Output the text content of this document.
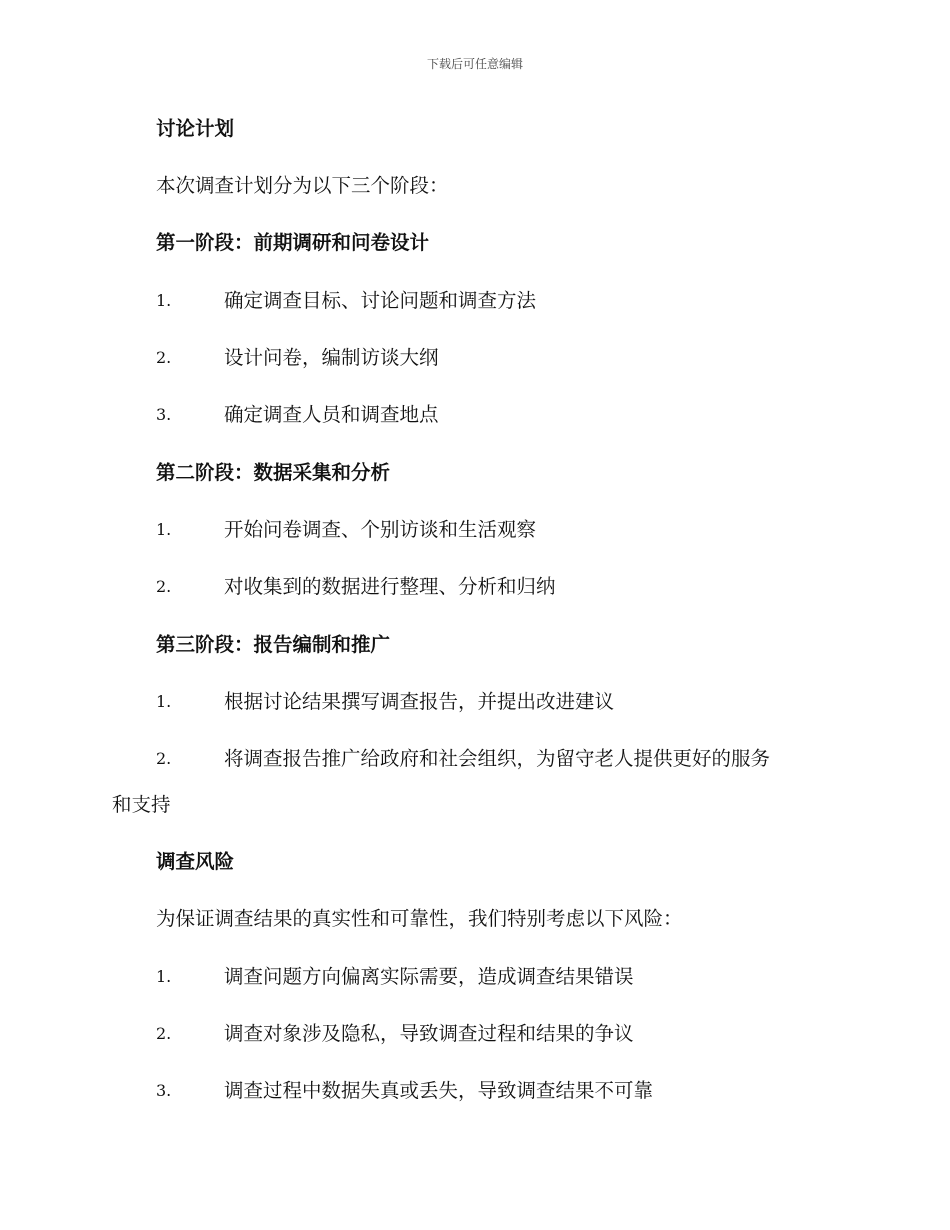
下载后可任意编辑
讨论计划
本次调查计划分为以下三个阶段：
第一阶段：前期调研和问卷设计
1.	确定调查目标、讨论问题和调查方法
2.	设计问卷，编制访谈大纲
3.	确定调查人员和调查地点
第二阶段：数据采集和分析
1.	开始问卷调查、个别访谈和生活观察
2.	对收集到的数据进行整理、分析和归纳
第三阶段：报告编制和推广
1.	根据讨论结果撰写调查报告，并提出改进建议
2.	将调查报告推广给政府和社会组织，为留守老人提供更好的服务
和支持
调查风险
为保证调查结果的真实性和可靠性，我们特别考虑以下风险：
1.	调查问题方向偏离实际需要，造成调查结果错误
2.	调查对象涉及隐私，导致调查过程和结果的争议
3.	调查过程中数据失真或丢失，导致调查结果不可靠
